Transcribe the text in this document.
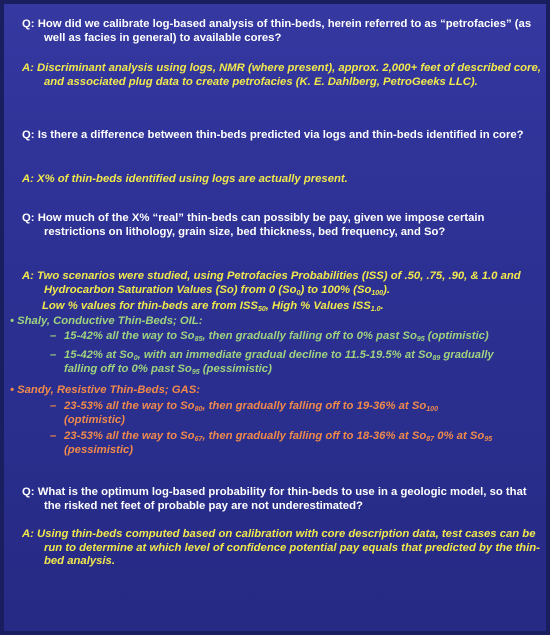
Q: How did we calibrate log-based analysis of thin-beds, herein referred to as “petrofacies” (as well as facies in general) to available cores?

A: Discriminant analysis using logs, NMR (where present), approx. 2,000+ feet of described core, and associated plug data to create petrofacies (K. E. Dahlberg, PetroGeeks LLC).

Q: Is there a difference between thin-beds predicted via logs and thin-beds identified in core?

A: X% of thin-beds identified using logs are actually present.

Q: How much of the X% “real” thin-beds can possibly be pay, given we impose certain restrictions on lithology, grain size, bed thickness, bed frequency, and So?

A: Two scenarios were studied, using Petrofacies Probabilities (ISS) of .50, .75, .90, & 1.0 and Hydrocarbon Saturation Values (So) from 0 $(So_0)$ to 100% $(So_{100})$.

Low % values for thin-beds are from $ISS_{50}$, High % Values $ISS_{1.0}$.

• Shaly, Conductive Thin-Beds; OIL:

– 15-42% all the way to $So_{85}$, then gradually falling off to 0% past $So_{95}$ (optimistic)

– 15-42% at $So_0$, with an immediate gradual decline to 11.5-19.5% at $So_{89}$ gradually falling off to 0% past $So_{95}$ (pessimistic)

• Sandy, Resistive Thin-Beds; GAS:

– 23-53% all the way to $So_{80}$, then gradually falling off to 19-36% at $So_{100}$ (optimistic)

– 23-53% all the way to $So_{67}$, then gradually falling off to 18-36% at $So_{87}$ 0% at $So_{95}$ (pessimistic)

Q: What is the optimum log-based probability for thin-beds to use in a geologic model, so that the risked net feet of probable pay are not underestimated?

A: Using thin-beds computed based on calibration with core description data, test cases can be run to determine at which level of confidence potential pay equals that predicted by the thin-bed analysis.
